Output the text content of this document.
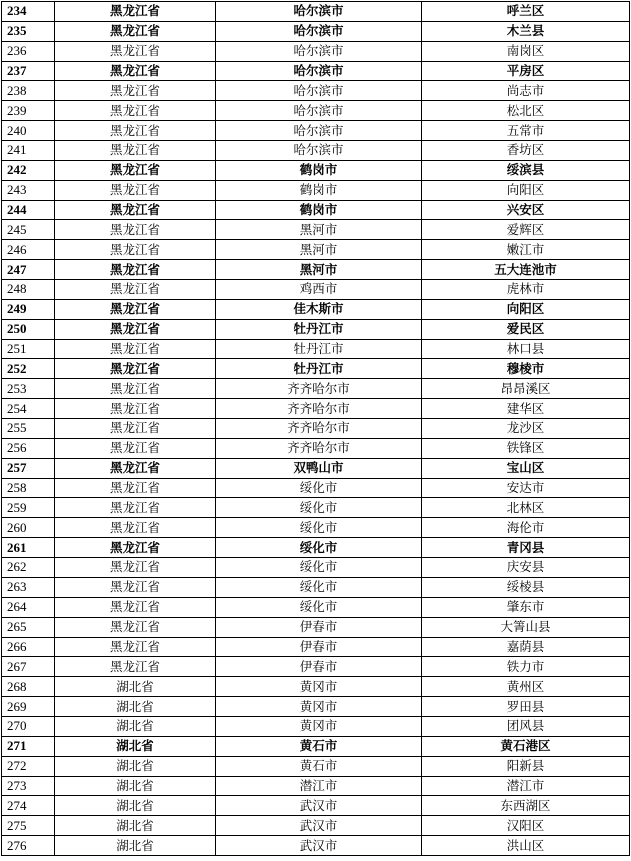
234	黑龙江省	哈尔滨市	呼兰区
235	黑龙江省	哈尔滨市	木兰县
236	黑龙江省	哈尔滨市	南岗区
237	黑龙江省	哈尔滨市	平房区
238	黑龙江省	哈尔滨市	尚志市
239	黑龙江省	哈尔滨市	松北区
240	黑龙江省	哈尔滨市	五常市
241	黑龙江省	哈尔滨市	香坊区
242	黑龙江省	鹤岗市	绥滨县
243	黑龙江省	鹤岗市	向阳区
244	黑龙江省	鹤岗市	兴安区
245	黑龙江省	黑河市	爱辉区
246	黑龙江省	黑河市	嫩江市
247	黑龙江省	黑河市	五大连池市
248	黑龙江省	鸡西市	虎林市
249	黑龙江省	佳木斯市	向阳区
250	黑龙江省	牡丹江市	爱民区
251	黑龙江省	牡丹江市	林口县
252	黑龙江省	牡丹江市	穆棱市
253	黑龙江省	齐齐哈尔市	昂昂溪区
254	黑龙江省	齐齐哈尔市	建华区
255	黑龙江省	齐齐哈尔市	龙沙区
256	黑龙江省	齐齐哈尔市	铁锋区
257	黑龙江省	双鸭山市	宝山区
258	黑龙江省	绥化市	安达市
259	黑龙江省	绥化市	北林区
260	黑龙江省	绥化市	海伦市
261	黑龙江省	绥化市	青冈县
262	黑龙江省	绥化市	庆安县
263	黑龙江省	绥化市	绥棱县
264	黑龙江省	绥化市	肇东市
265	黑龙江省	伊春市	大箐山县
266	黑龙江省	伊春市	嘉荫县
267	黑龙江省	伊春市	铁力市
268	湖北省	黄冈市	黄州区
269	湖北省	黄冈市	罗田县
270	湖北省	黄冈市	团风县
271	湖北省	黄石市	黄石港区
272	湖北省	黄石市	阳新县
273	湖北省	潜江市	潜江市
274	湖北省	武汉市	东西湖区
275	湖北省	武汉市	汉阳区
276	湖北省	武汉市	洪山区
